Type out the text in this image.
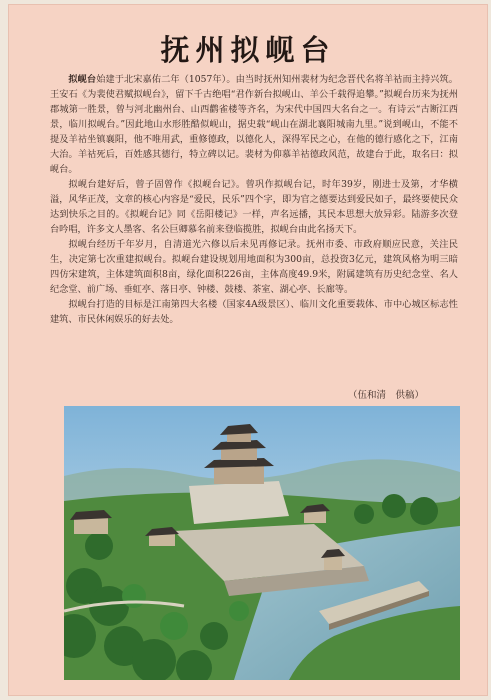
抚州拟岘台

拟岘台始建于北宋嘉佑二年（1057年）。由当时抚州知州裴材为纪念晋代名将羊祜而主持兴筑。王安石《为裴使君赋拟岘台》，留下千古绝唱“君作新台拟岘山、羊公千载得追攀。”拟岘台历来为抚州郡城第一胜景，曾与河北幽州台、山西鹳雀楼等齐名，为宋代中国四大名台之一。有诗云“古断江西景，临川拟岘台。”因此地山水形胜酷似岘山，据史载“岘山在湖北襄阳城南九里。”说到岘山，不能不提及羊祜坐镇襄阳，他不唯用武，重修德政，以德化人，深得军民之心，在他的德行感化之下，江南大治。羊祜死后，百姓感其德行，特立碑以记。裴材为仰慕羊祜德政风范，故建台于此，取名曰：拟岘台。

拟岘台建好后，曾子固曾作《拟岘台记》。曾巩作拟岘台记，时年39岁，刚进士及第，才华横溢，风华正茂，文章的核心内容是“爱民，民乐”四个字，即为官之德要达到爱民如子，最终要使民众达到快乐之目的。《拟岘台记》同《岳阳楼记》一样，声名远播，其民本思想大放异彩。陆游多次登台吟唱，许多文人墨客、名公巨卿慕名前来登临揽胜，拟岘台由此名扬天下。

拟岘台经历千年岁月，自清道光六修以后未见再修记录。抚州市委、市政府顺应民意，关注民生，决定第七次重建拟岘台。拟岘台建设规划用地面积为300亩，总投资3亿元，建筑风格为明三暗四仿宋建筑，主体建筑面积8亩，绿化面积226亩，主体高度49.9米，附属建筑有历史纪念堂、名人纪念堂、前广场、垂虹亭、落日亭、钟楼、鼓楼、茶室、湖心亭、长廊等。

拟岘台打造的目标是江南第四大名楼（国家4A级景区）、临川文化重要载体、市中心城区标志性建筑、市民休闲娱乐的好去处。

（伍和清　供稿）
